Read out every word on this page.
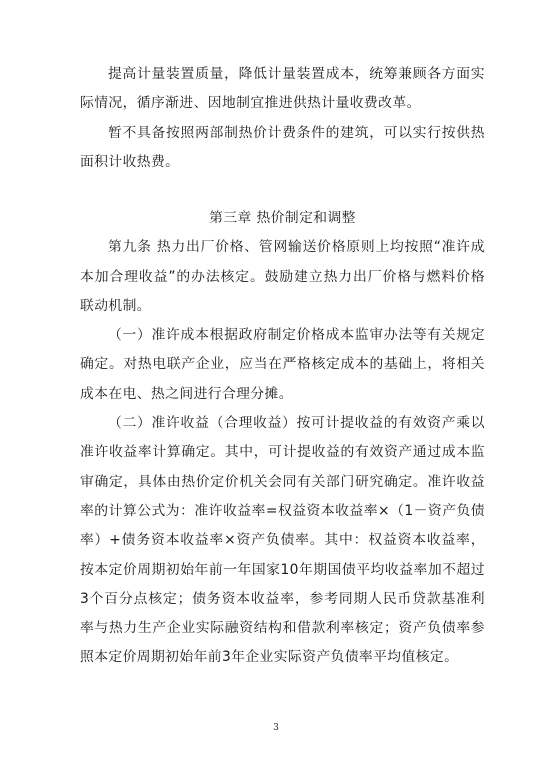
提高计量装置质量，降低计量装置成本，统筹兼顾各方面实际情况，循序渐进、因地制宜推进供热计量收费改革。

暂不具备按照两部制热价计费条件的建筑，可以实行按供热面积计收热费。

第三章 热价制定和调整

第九条 热力出厂价格、管网输送价格原则上均按照“准许成本加合理收益”的办法核定。鼓励建立热力出厂价格与燃料价格联动机制。

（一）准许成本根据政府制定价格成本监审办法等有关规定确定。对热电联产企业，应当在严格核定成本的基础上，将相关成本在电、热之间进行合理分摊。

（二）准许收益（合理收益）按可计提收益的有效资产乘以准许收益率计算确定。其中，可计提收益的有效资产通过成本监审确定，具体由热价定价机关会同有关部门研究确定。准许收益率的计算公式为：准许收益率=权益资本收益率×（1－资产负债率）+债务资本收益率×资产负债率。其中：权益资本收益率，按本定价周期初始年前一年国家10年期国债平均收益率加不超过3个百分点核定；债务资本收益率，参考同期人民币贷款基准利率与热力生产企业实际融资结构和借款利率核定；资产负债率参照本定价周期初始年前3年企业实际资产负债率平均值核定。

3
